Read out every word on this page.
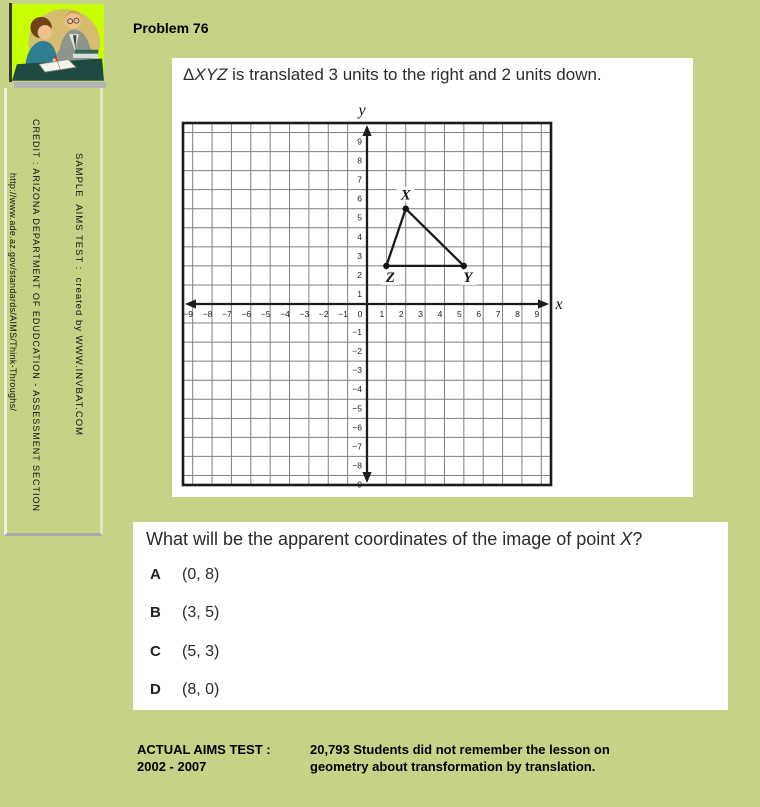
SAMPLE  AIMS TEST :  created by WWW.INVBAT.COM
CREDIT : ARIZONA DEPARTMENT OF EDUDCATION - ASSESSMENT SECTION
http://www.ade.az.gov/standards/AIMS/Think-Throughs/
Problem 76
ΔXYZ is translated 3 units to the right and 2 units down.
−9 −8 −7 −6 −5 −4 −3 −2 −1 0 1 2 3 4 5 6 7 8 9
−9
−8
−7
−6
−5
−4
−3
−2
−1
1
2
3
4
5
6
7
8
9
X
Y
Z
y
x
What will be the apparent coordinates of the image of point X?
A (0, 8)
B (3, 5)
C (5, 3)
D (8, 0)
ACTUAL AIMS TEST :
2002 - 2007
20,793 Students did not remember the lesson on
geometry about transformation by translation.
